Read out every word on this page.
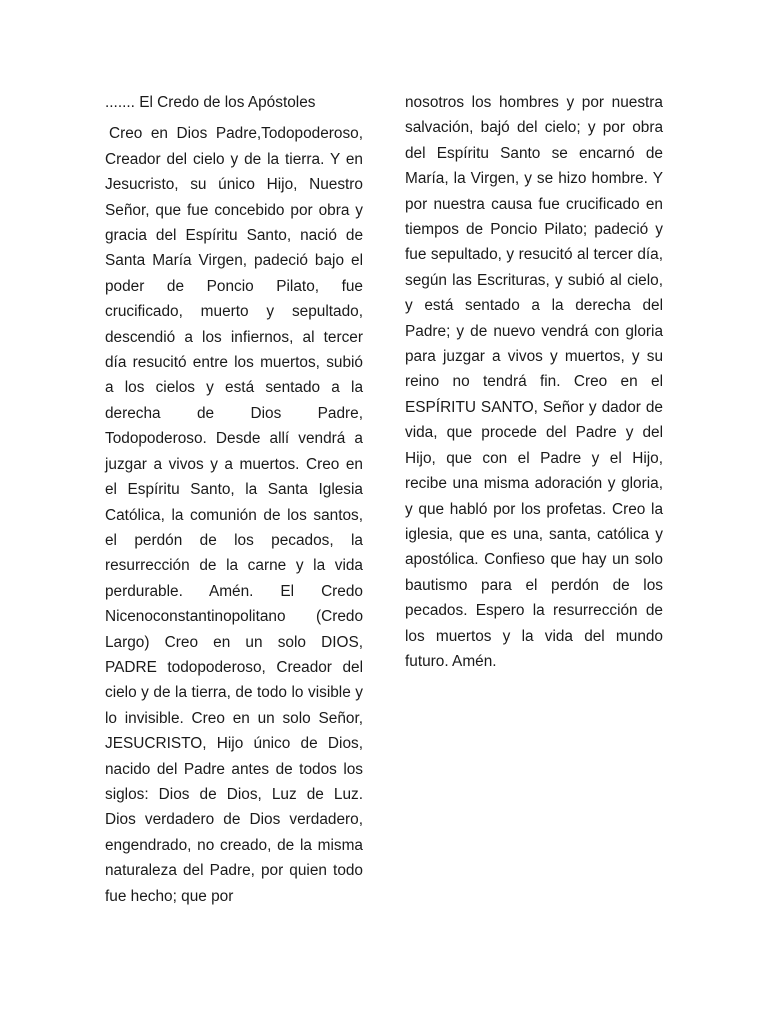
....... El Credo de los Apóstoles

Creo en Dios Padre,Todopoderoso, Creador del cielo y de la tierra. Y en Jesucristo, su único Hijo, Nuestro Señor, que fue concebido por obra y gracia del Espíritu Santo, nació de Santa María Virgen, padeció bajo el poder de Poncio Pilato, fue crucificado, muerto y sepultado, descendió a los infiernos, al tercer día resucitó entre los muertos, subió a los cielos y está sentado a la derecha de Dios Padre, Todopoderoso. Desde allí vendrá a juzgar a vivos y a muertos. Creo en el Espíritu Santo, la Santa Iglesia Católica, la comunión de los santos, el perdón de los pecados, la resurrección de la carne y la vida perdurable. Amén. El Credo Nicenoconstantinopolitano (Credo Largo) Creo en un solo DIOS, PADRE todopoderoso, Creador del cielo y de la tierra, de todo lo visible y lo invisible. Creo en un solo Señor, JESUCRISTO, Hijo único de Dios, nacido del Padre antes de todos los siglos: Dios de Dios, Luz de Luz. Dios verdadero de Dios verdadero, engendrado, no creado, de la misma naturaleza del Padre, por quien todo fue hecho; que por

nosotros los hombres y por nuestra salvación, bajó del cielo; y por obra del Espíritu Santo se encarnó de María, la Virgen, y se hizo hombre. Y por nuestra causa fue crucificado en tiempos de Poncio Pilato; padeció y fue sepultado, y resucitó al tercer día, según las Escrituras, y subió al cielo, y está sentado a la derecha del Padre; y de nuevo vendrá con gloria para juzgar a vivos y muertos, y su reino no tendrá fin. Creo en el ESPÍRITU SANTO, Señor y dador de vida, que procede del Padre y del Hijo, que con el Padre y el Hijo, recibe una misma adoración y gloria, y que habló por los profetas. Creo la iglesia, que es una, santa, católica y apostólica. Confieso que hay un solo bautismo para el perdón de los pecados. Espero la resurrección de los muertos y la vida del mundo futuro. Amén.
